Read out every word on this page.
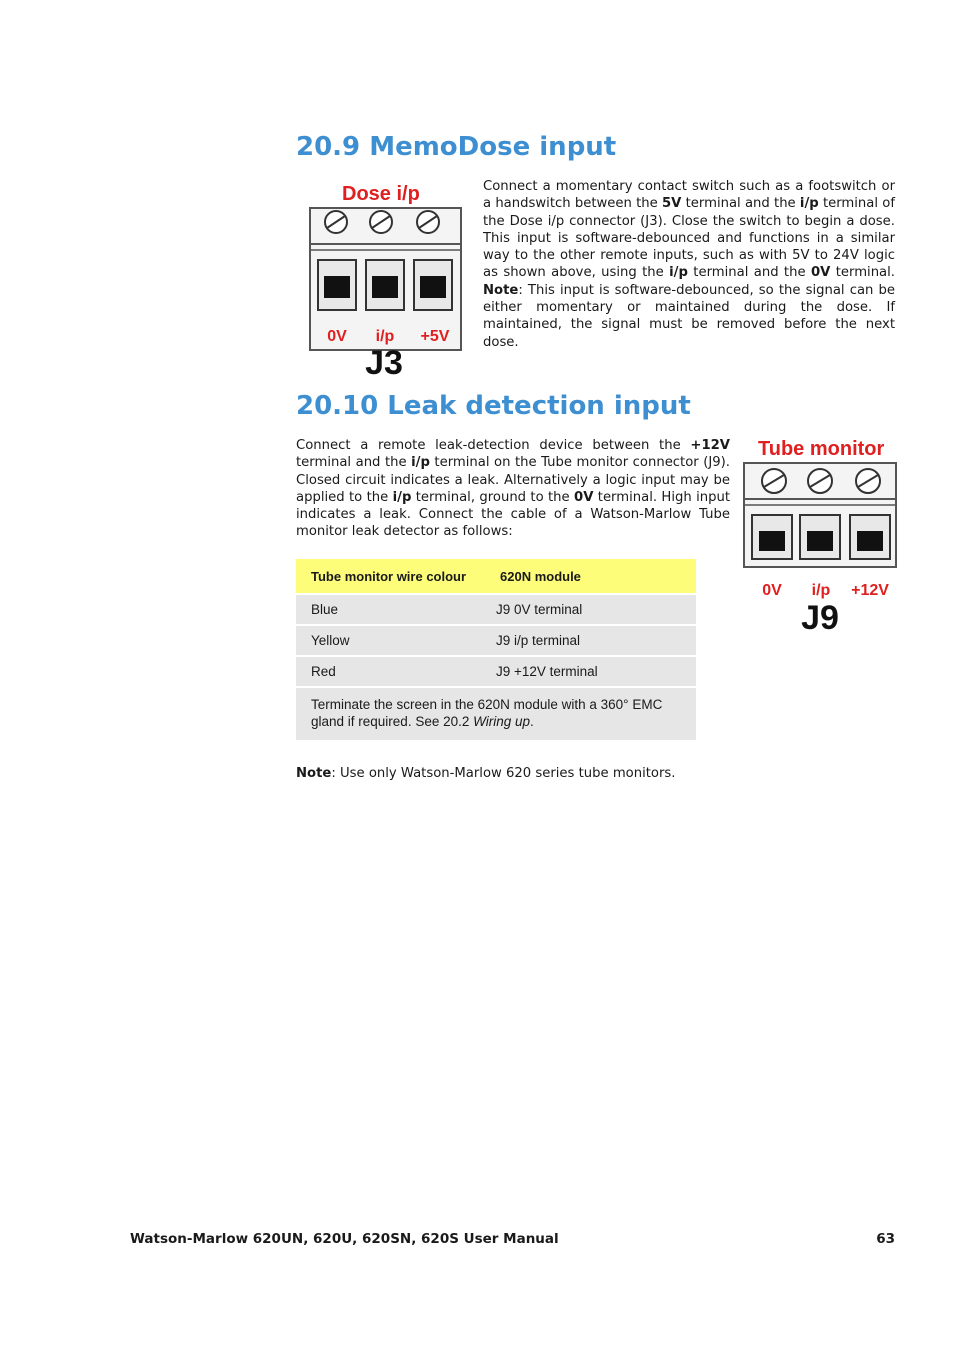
20.9 MemoDose input
Dose i/p
0V i/p +5V
J3

Connect a momentary contact switch such as a footswitch or a handswitch between the 5V terminal and the i/p terminal of the Dose i/p connector (J3). Close the switch to begin a dose. This input is software-debounced and functions in a similar way to the other remote inputs, such as with 5V to 24V logic as shown above, using the i/p terminal and the 0V terminal. Note: This input is software-debounced, so the signal can be either momentary or maintained during the dose. If maintained, the signal must be removed before the next dose.

20.10 Leak detection input

Connect a remote leak-detection device between the +12V terminal and the i/p terminal on the Tube monitor connector (J9). Closed circuit indicates a leak. Alternatively a logic input may be applied to the i/p terminal, ground to the 0V terminal. High input indicates a leak. Connect the cable of a Watson-Marlow Tube monitor leak detector as follows:

Tube monitor
0V i/p +12V
J9
Tube monitor wire colour	620N module
Blue	J9 0V terminal
Yellow	J9 i/p terminal
Red	J9 +12V terminal
Terminate the screen in the 620N module with a 360° EMC gland if required. See 20.2 Wiring up.

Note: Use only Watson-Marlow 620 series tube monitors.

Watson-Marlow 620UN, 620U, 620SN, 620S User Manual	63
